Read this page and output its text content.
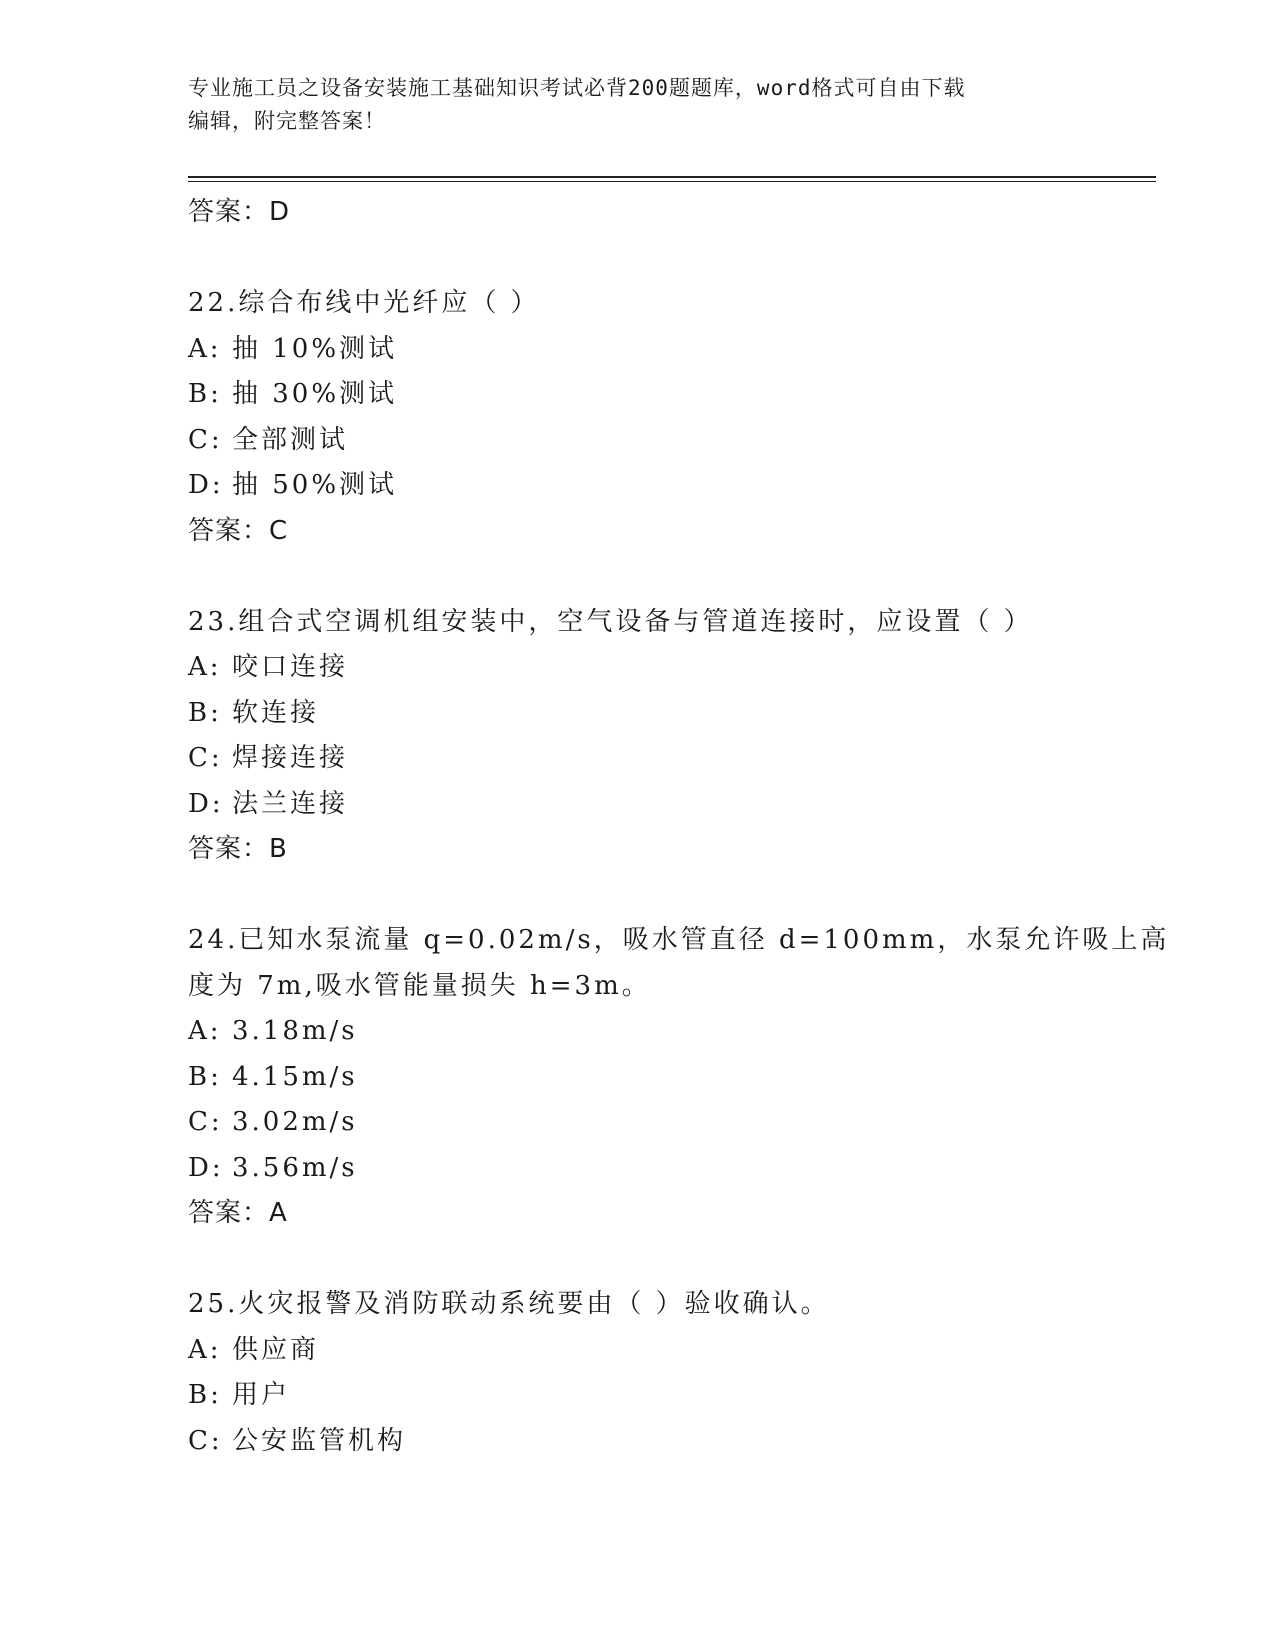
专业施工员之设备安装施工基础知识考试必背200题题库，word格式可自由下载
编辑，附完整答案！
答案：D
22.综合布线中光纤应（ ）
A: 抽 10%测试
B: 抽 30%测试
C: 全部测试
D: 抽 50%测试
答案：C
23.组合式空调机组安装中，空气设备与管道连接时，应设置（ ）
A: 咬口连接
B: 软连接
C: 焊接连接
D: 法兰连接
答案：B
24.已知水泵流量 q=0.02m/s，吸水管直径 d=100mm，水泵允许吸上高
度为 7m,吸水管能量损失 h=3m。
A: 3.18m/s
B: 4.15m/s
C: 3.02m/s
D: 3.56m/s
答案：A
25.火灾报警及消防联动系统要由（ ）验收确认。
A: 供应商
B: 用户
C: 公安监管机构
